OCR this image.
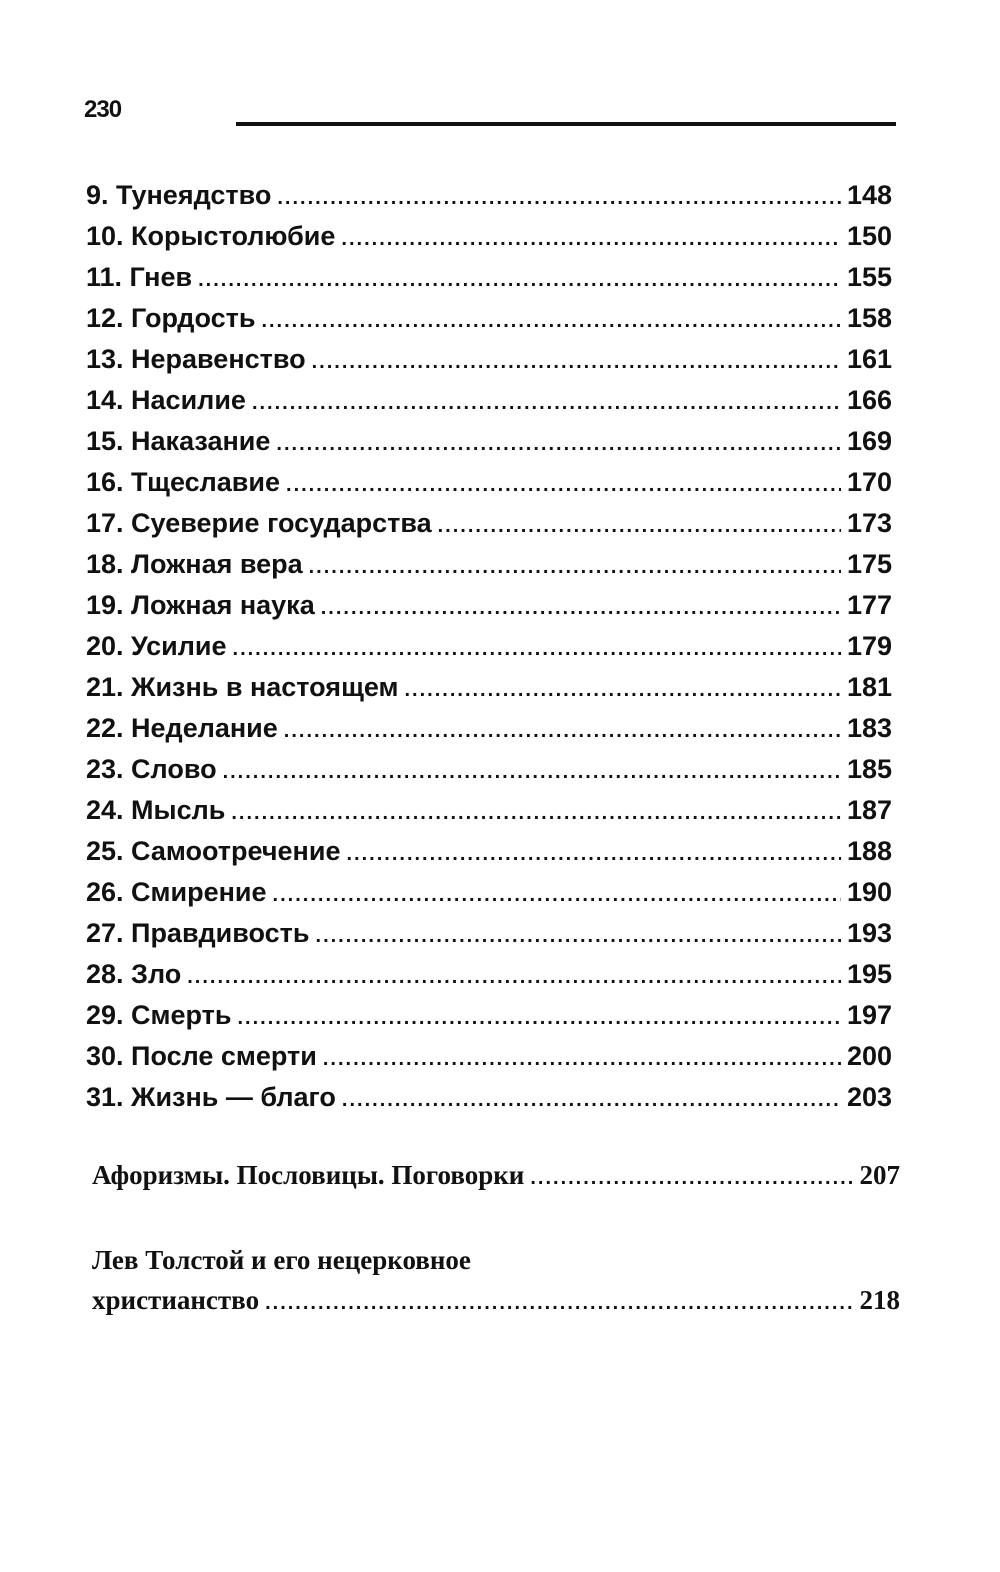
230
9. Тунеядство .....	148
10. Корыстолюбие .....	150
11. Гнев .....	155
12. Гордость .....	158
13. Неравенство .....	161
14. Насилие .....	166
15. Наказание .....	169
16. Тщеславие .....	170
17. Суеверие государства .....	173
18. Ложная вера .....	175
19. Ложная наука .....	177
20. Усилие .....	179
21. Жизнь в настоящем .....	181
22. Неделание .....	183
23. Слово .....	185
24. Мысль .....	187
25. Самоотречение .....	188
26. Смирение .....	190
27. Правдивость .....	193
28. Зло .....	195
29. Смерть .....	197
30. После смерти .....	200
31. Жизнь — благо .....	203
Афоризмы. Пословицы. Поговорки .....	207
Лев Толстой и его нецерковное
христианство .....	218
